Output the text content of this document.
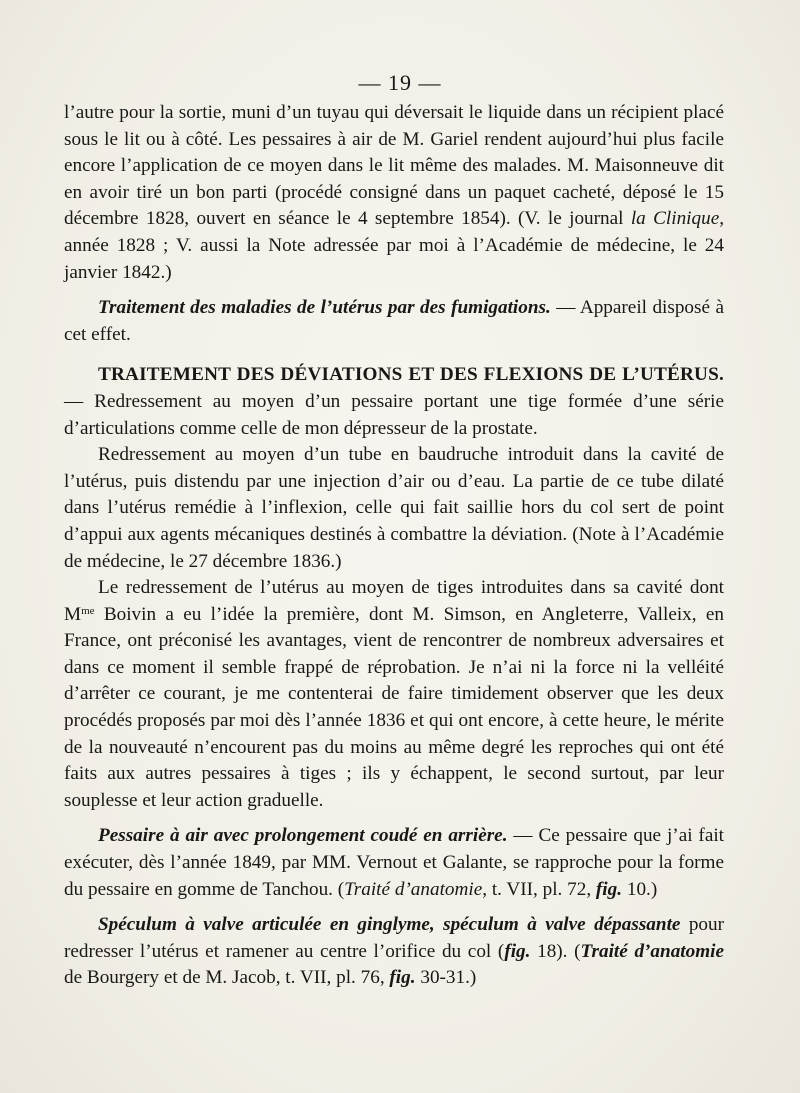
— 19 —

l’autre pour la sortie, muni d’un tuyau qui déversait le liquide dans un récipient placé sous le lit ou à côté. Les pessaires à air de M. Gariel rendent aujourd’hui plus facile encore l’application de ce moyen dans le lit même des malades. M. Maisonneuve dit en avoir tiré un bon parti (procédé consigné dans un paquet cacheté, déposé le 15 décembre 1828, ouvert en séance le 4 septembre 1854). (V. le journal la Clinique, année 1828 ; V. aussi la Note adressée par moi à l’Académie de médecine, le 24 janvier 1842.)

Traitement des maladies de l’utérus par des fumigations. — Appareil disposé à cet effet.

TRAITEMENT DES DÉVIATIONS ET DES FLEXIONS DE L’UTÉRUS. — Redressement au moyen d’un pessaire portant une tige formée d’une série d’articulations comme celle de mon dépresseur de la prostate.

Redressement au moyen d’un tube en baudruche introduit dans la cavité de l’utérus, puis distendu par une injection d’air ou d’eau. La partie de ce tube dilaté dans l’utérus remédie à l’inflexion, celle qui fait saillie hors du col sert de point d’appui aux agents mécaniques destinés à combattre la déviation. (Note à l’Académie de médecine, le 27 décembre 1836.)

Le redressement de l’utérus au moyen de tiges introduites dans sa cavité dont $M^{me}$ Boivin a eu l’idée la première, dont M. Simson, en Angleterre, Valleix, en France, ont préconisé les avantages, vient de rencontrer de nombreux adversaires et dans ce moment il semble frappé de réprobation. Je n’ai ni la force ni la velléité d’arrêter ce courant, je me contenterai de faire timidement observer que les deux procédés proposés par moi dès l’année 1836 et qui ont encore, à cette heure, le mérite de la nouveauté n’encourent pas du moins au même degré les reproches qui ont été faits aux autres pessaires à tiges ; ils y échappent, le second surtout, par leur souplesse et leur action graduelle.

Pessaire à air avec prolongement coudé en arrière. — Ce pessaire que j’ai fait exécuter, dès l’année 1849, par MM. Vernout et Galante, se rapproche pour la forme du pessaire en gomme de Tanchou. (Traité d’anatomie, t. VII, pl. 72, fig. 10.)

Spéculum à valve articulée en ginglyme, spéculum à valve dépassante pour redresser l’utérus et ramener au centre l’orifice du col (fig. 18). (Traité d’anatomie de Bourgery et de M. Jacob, t. VII, pl. 76, fig. 30-31.)
